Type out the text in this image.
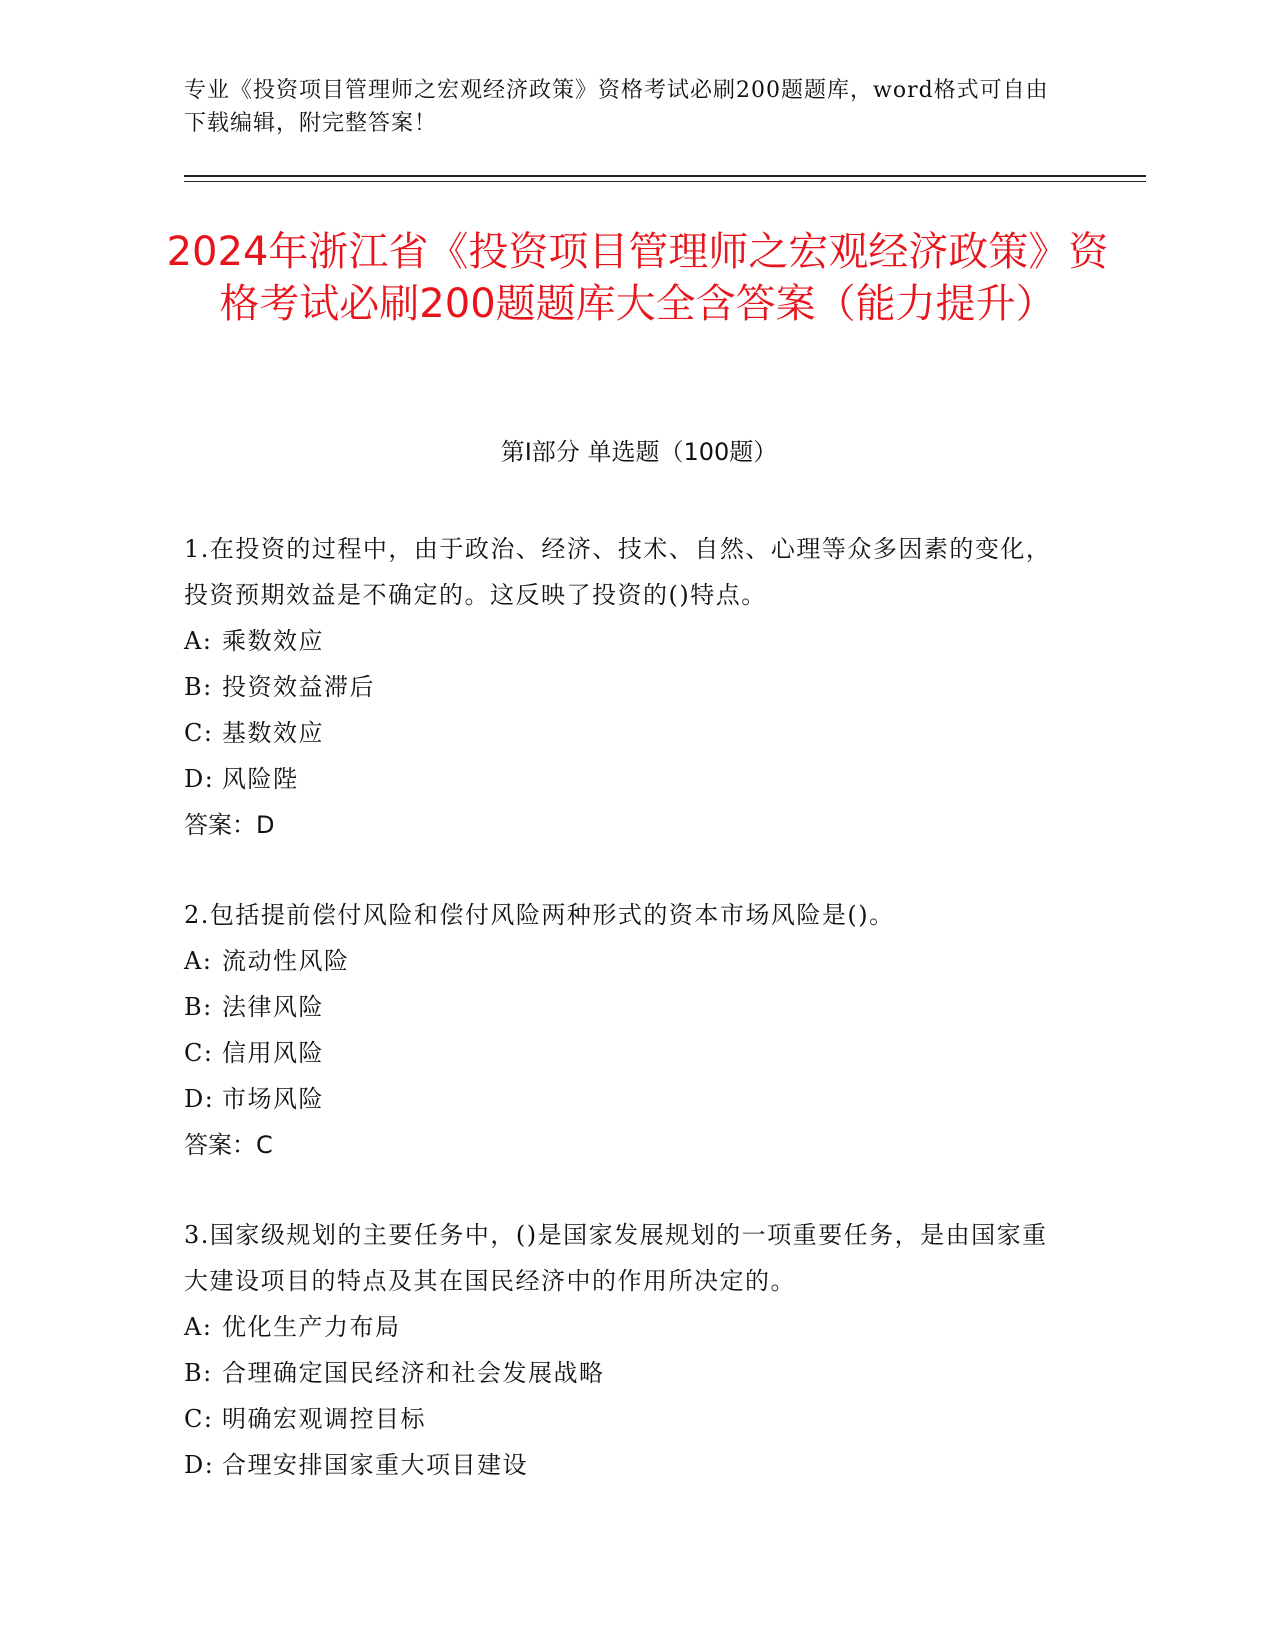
专业《投资项目管理师之宏观经济政策》资格考试必刷200题题库，word格式可自由下载编辑，附完整答案！
2024年浙江省《投资项目管理师之宏观经济政策》资格考试必刷200题题库大全含答案（能力提升）
第Ⅰ部分 单选题（100题）
1.在投资的过程中，由于政治、经济、技术、自然、心理等众多因素的变化，投资预期效益是不确定的。这反映了投资的()特点。
A: 乘数效应
B: 投资效益滞后
C: 基数效应
D: 风险陛
答案：D
2.包括提前偿付风险和偿付风险两种形式的资本市场风险是()。
A: 流动性风险
B: 法律风险
C: 信用风险
D: 市场风险
答案：C
3.国家级规划的主要任务中，()是国家发展规划的一项重要任务，是由国家重大建设项目的特点及其在国民经济中的作用所决定的。
A: 优化生产力布局
B: 合理确定国民经济和社会发展战略
C: 明确宏观调控目标
D: 合理安排国家重大项目建设
